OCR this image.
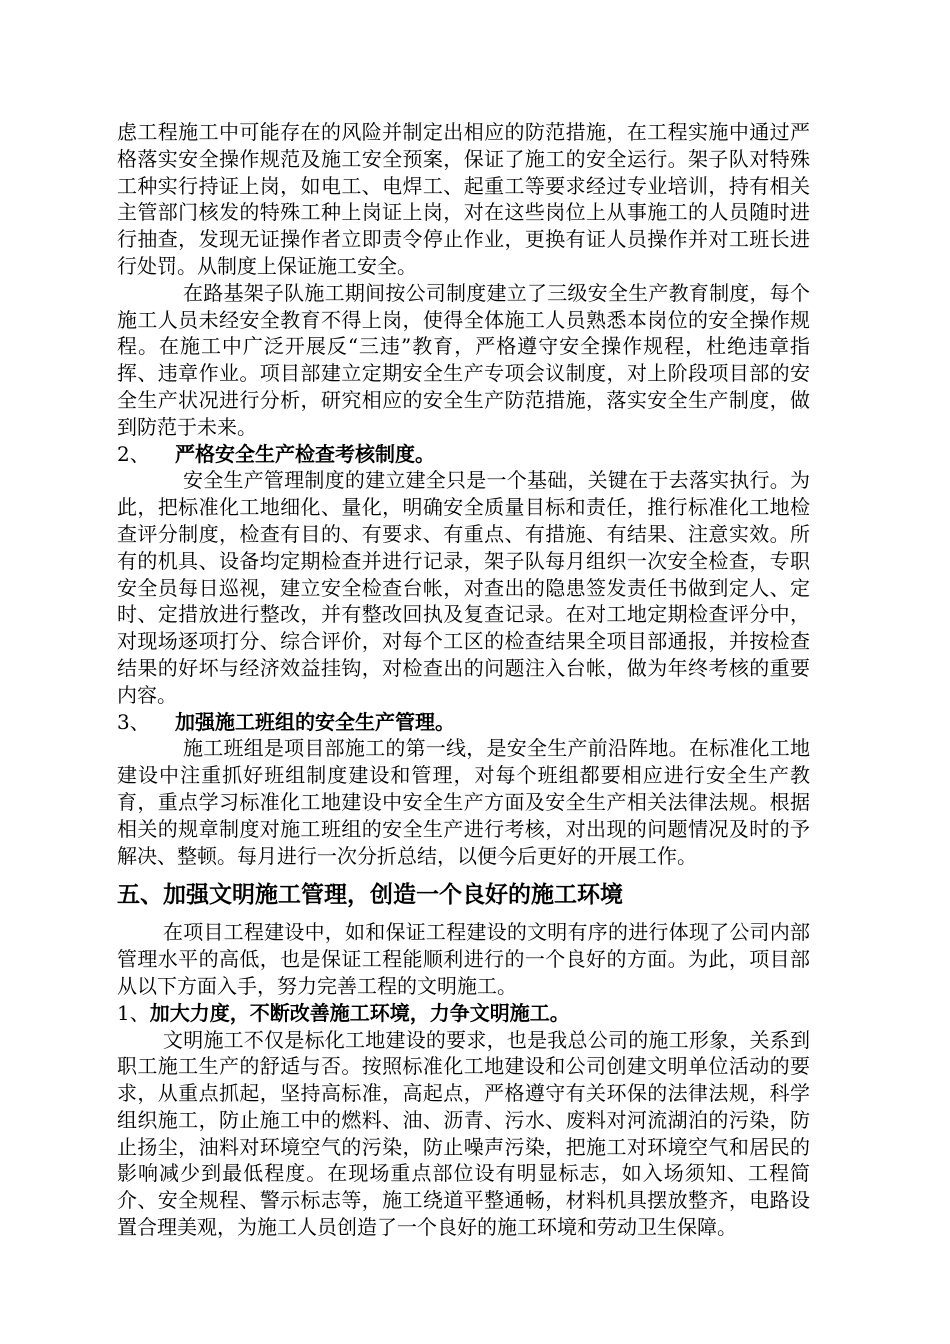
虑工程施工中可能存在的风险并制定出相应的防范措施，在工程实施中通过严格落实安全操作规范及施工安全预案，保证了施工的安全运行。架子队对特殊工种实行持证上岗，如电工、电焊工、起重工等要求经过专业培训，持有相关主管部门核发的特殊工种上岗证上岗，对在这些岗位上从事施工的人员随时进行抽查，发现无证操作者立即责令停止作业，更换有证人员操作并对工班长进行处罚。从制度上保证施工安全。

在路基架子队施工期间按公司制度建立了三级安全生产教育制度，每个施工人员未经安全教育不得上岗，使得全体施工人员熟悉本岗位的安全操作规程。在施工中广泛开展反“三违”教育，严格遵守安全操作规程，杜绝违章指挥、违章作业。项目部建立定期安全生产专项会议制度，对上阶段项目部的安全生产状况进行分析，研究相应的安全生产防范措施，落实安全生产制度，做到防范于未来。

2、	严格安全生产检查考核制度。

安全生产管理制度的建立建全只是一个基础，关键在于去落实执行。为此，把标准化工地细化、量化，明确安全质量目标和责任，推行标准化工地检查评分制度，检查有目的、有要求、有重点、有措施、有结果、注意实效。所有的机具、设备均定期检查并进行记录，架子队每月组织一次安全检查，专职安全员每日巡视，建立安全检查台帐，对查出的隐患签发责任书做到定人、定时、定措放进行整改，并有整改回执及复查记录。在对工地定期检查评分中，对现场逐项打分、综合评价，对每个工区的检查结果全项目部通报，并按检查结果的好坏与经济效益挂钩，对检查出的问题注入台帐，做为年终考核的重要内容。

3、	加强施工班组的安全生产管理。

施工班组是项目部施工的第一线，是安全生产前沿阵地。在标准化工地建设中注重抓好班组制度建设和管理，对每个班组都要相应进行安全生产教育，重点学习标准化工地建设中安全生产方面及安全生产相关法律法规。根据相关的规章制度对施工班组的安全生产进行考核，对出现的问题情况及时的予解决、整顿。每月进行一次分折总结，以便今后更好的开展工作。

五、加强文明施工管理，创造一个良好的施工环境

在项目工程建设中，如和保证工程建设的文明有序的进行体现了公司内部管理水平的高低，也是保证工程能顺利进行的一个良好的方面。为此，项目部从以下方面入手，努力完善工程的文明施工。

1、加大力度，不断改善施工环境，力争文明施工。

文明施工不仅是标化工地建设的要求，也是我总公司的施工形象，关系到职工施工生产的舒适与否。按照标准化工地建设和公司创建文明单位活动的要求，从重点抓起，坚持高标准，高起点，严格遵守有关环保的法律法规，科学组织施工，防止施工中的燃料、油、沥青、污水、废料对河流湖泊的污染，防止扬尘，油料对环境空气的污染，防止噪声污染，把施工对环境空气和居民的影响减少到最低程度。在现场重点部位设有明显标志，如入场须知、工程简介、安全规程、警示标志等，施工绕道平整通畅，材料机具摆放整齐，电路设置合理美观，为施工人员创造了一个良好的施工环境和劳动卫生保障。
